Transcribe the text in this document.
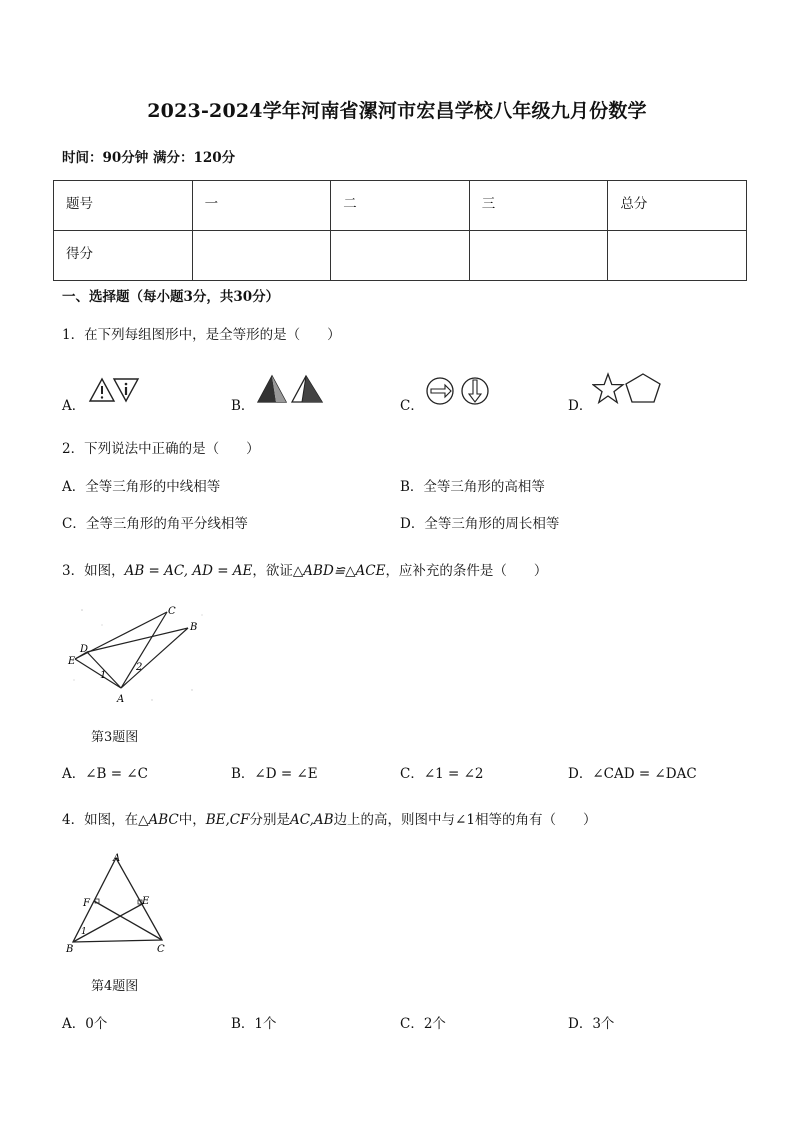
2023-2024学年河南省漯河市宏昌学校八年级九月份数学
时间：90分钟 满分：120分
题号	一	二	三	总分
得分				
一、选择题（每小题3分，共30分）
1．在下列每组图形中，是全等形的是（　　）
A．	B．	C．	D．
2．下列说法中正确的是（　　）
A．全等三角形的中线相等	B．全等三角形的高相等
C．全等三角形的角平分线相等	D．全等三角形的周长相等
3．如图，AB = AC, AD = AE，欲证△ABD≌△ACE，应补充的条件是（　　）
C
B
D
E
1
2
A
第3题图
A．∠B = ∠C	B．∠D = ∠E	C．∠1 = ∠2	D．∠CAD = ∠DAC
4．如图，在△ABC中，BE,CF分别是AC,AB边上的高，则图中与∠1相等的角有（　　）
A
F	E
1
B	C
第4题图
A．0个	B．1个	C．2个	D．3个
